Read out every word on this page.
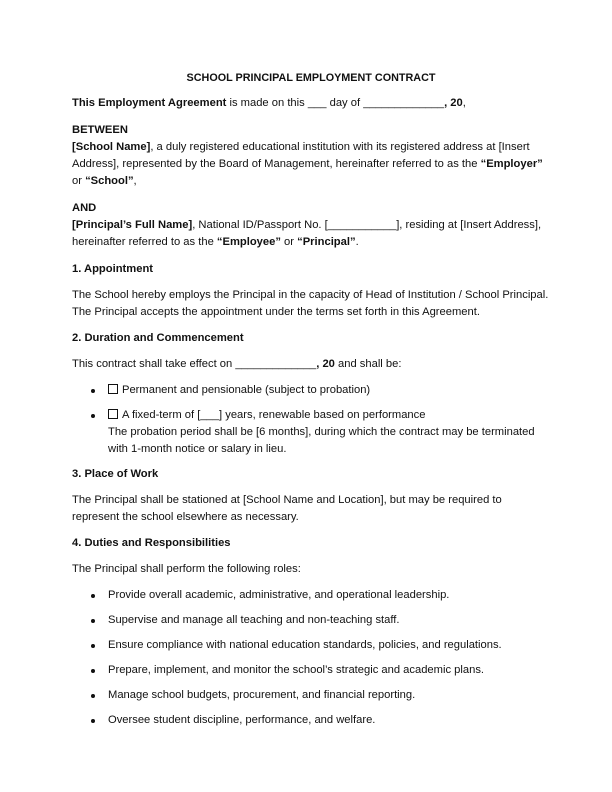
SCHOOL PRINCIPAL EMPLOYMENT CONTRACT

This Employment Agreement is made on this ___ day of _____________, 20,

BETWEEN

[School Name], a duly registered educational institution with its registered address at [Insert Address], represented by the Board of Management, hereinafter referred to as the “Employer”
or “School”,

AND

[Principal’s Full Name], National ID/Passport No. [___________], residing at [Insert Address], hereinafter referred to as the “Employee” or “Principal”.

1. Appointment

The School hereby employs the Principal in the capacity of Head of Institution / School Principal. The Principal accepts the appointment under the terms set forth in this Agreement.

2. Duration and Commencement

This contract shall take effect on _____________, 20 and shall be:

Permanent and pensionable (subject to probation)
A fixed-term of [___] years, renewable based on performance
The probation period shall be [6 months], during which the contract may be terminated with 1-month notice or salary in lieu.

3. Place of Work

The Principal shall be stationed at [School Name and Location], but may be required to represent the school elsewhere as necessary.

4. Duties and Responsibilities

The Principal shall perform the following roles:

Provide overall academic, administrative, and operational leadership.
Supervise and manage all teaching and non-teaching staff.
Ensure compliance with national education standards, policies, and regulations.
Prepare, implement, and monitor the school’s strategic and academic plans.
Manage school budgets, procurement, and financial reporting.
Oversee student discipline, performance, and welfare.
